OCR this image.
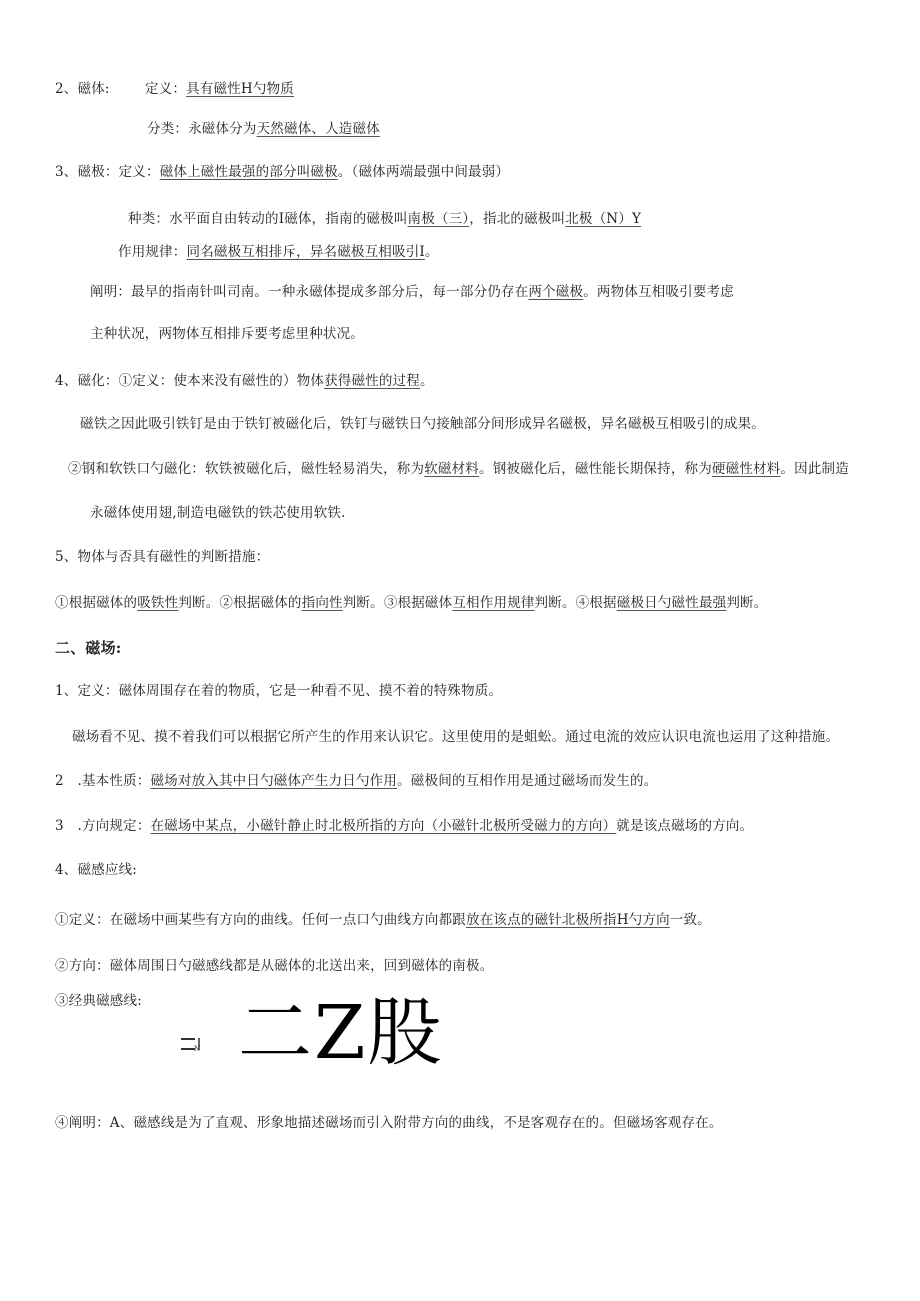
2、磁体:	定义：具有磁性H勺物质
分类：永磁体分为天然磁体、人造磁体
3、磁极：定义：磁体上磁性最强的部分叫磁极。（磁体两端最强中间最弱）
种类：水平面自由转动的I磁体，指南的磁极叫南极（三），指北的磁极叫北极（N）Y
作用规律：同名磁极互相排斥，异名磁极互相吸引I。
阐明：最早的指南针叫司南。一种永磁体提成多部分后，每一部分仍存在两个磁极。两物体互相吸引要考虑
主种状况，两物体互相排斥要考虑里种状况。
4、磁化：①定义：使本来没有磁性的）物体获得磁性的过程。
磁铁之因此吸引铁钉是由于铁钉被磁化后，铁钉与磁铁日勺接触部分间形成异名磁极，异名磁极互相吸引的成果。
②钢和软铁口勺磁化：软铁被磁化后，磁性轻易消失，称为软磁材料。钢被磁化后，磁性能长期保持，称为硬磁性材料。因此制造
永磁体使用翅,制造电磁铁的铁芯使用软铁.
5、物体与否具有磁性的判断措施：
①根据磁体的吸铁性判断。②根据磁体的指向性判断。③根据磁体互相作用规律判断。④根据磁极日勺磁性最强判断。
二、磁场:
1、定义：磁体周围存在着的物质，它是一种看不见、摸不着的特殊物质。
磁场看不见、摸不着我们可以根据它所产生的作用来认识它。这里使用的是蛆蚣。通过电流的效应认识电流也运用了这种措施。
2　.基本性质：磁场对放入其中日勺磁体产生力日勺作用。磁极间的互相作用是通过磁场而发生的。
3　.方向规定：在磁场中某点，小磁针静止时北极所指的方向（小磁针北极所受磁力的方向）就是该点磁场的方向。
4、磁感应线:
①定义：在磁场中画某些有方向的曲线。任何一点口勺曲线方向都跟放在该点的磁针北极所指H勺方向一致。
②方向：磁体周围日勺磁感线都是从磁体的北送出来，回到磁体的南极。
③经典磁感线:
④阐明：A、磁感线是为了直观、形象地描述磁场而引入附带方向的曲线，不是客观存在的。但磁场客观存在。
N 二Z股
